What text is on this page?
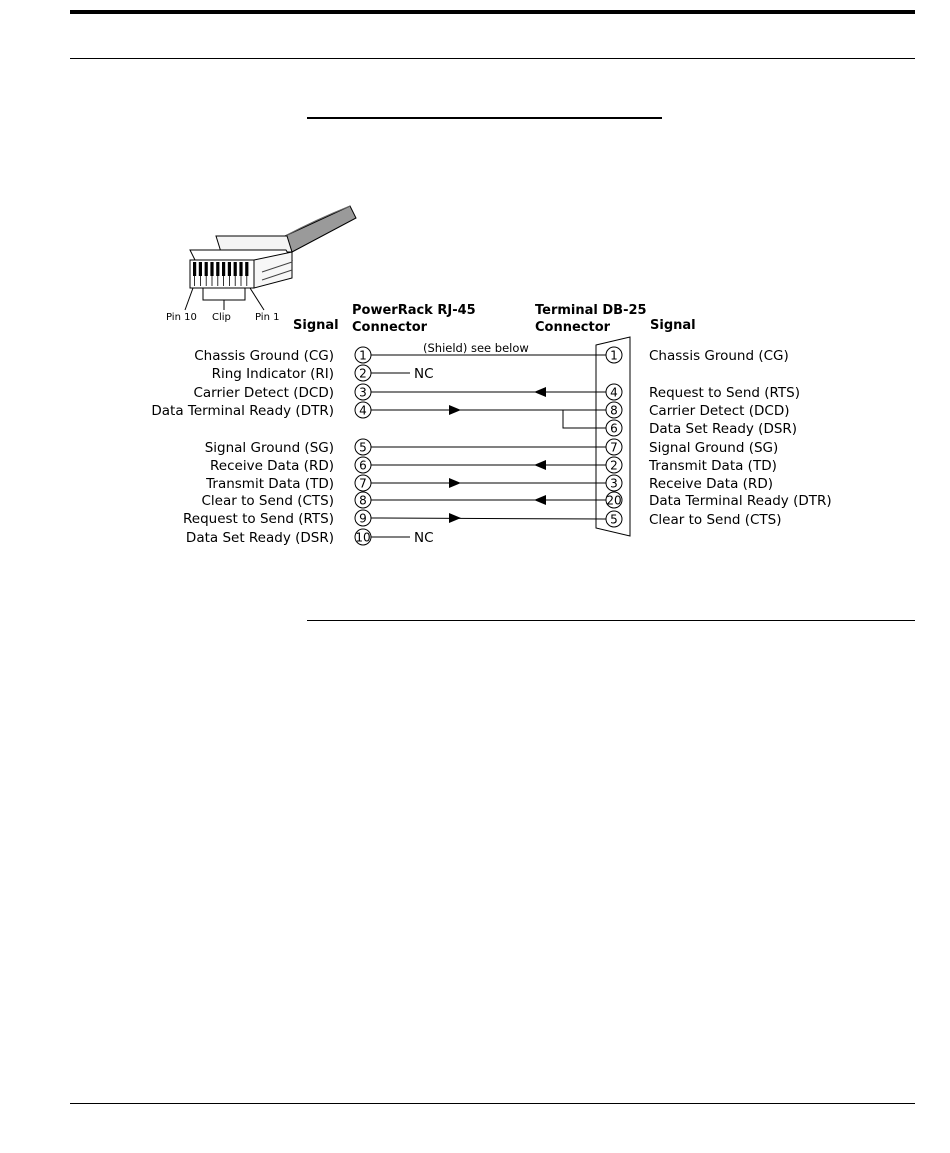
Pin 10 Clip Pin 1
Signal
PowerRack RJ-45
Connector
Terminal DB-25
Connector	Signal
(Shield) see below
NC
NC
Chassis Ground (CG) 1
Ring Indicator (RI) 2
Carrier Detect (DCD) 3
Data Terminal Ready (DTR) 4
Signal Ground (SG) 5
Receive Data (RD) 6
Transmit Data (TD) 7
Clear to Send (CTS) 8
Request to Send (RTS) 9
Data Set Ready (DSR) 10
1 Chassis Ground (CG)
4 Request to Send (RTS)
8 Carrier Detect (DCD)
6 Data Set Ready (DSR)
7 Signal Ground (SG)
2 Transmit Data (TD)
3 Receive Data (RD)
20 Data Terminal Ready (DTR)
5 Clear to Send (CTS)
